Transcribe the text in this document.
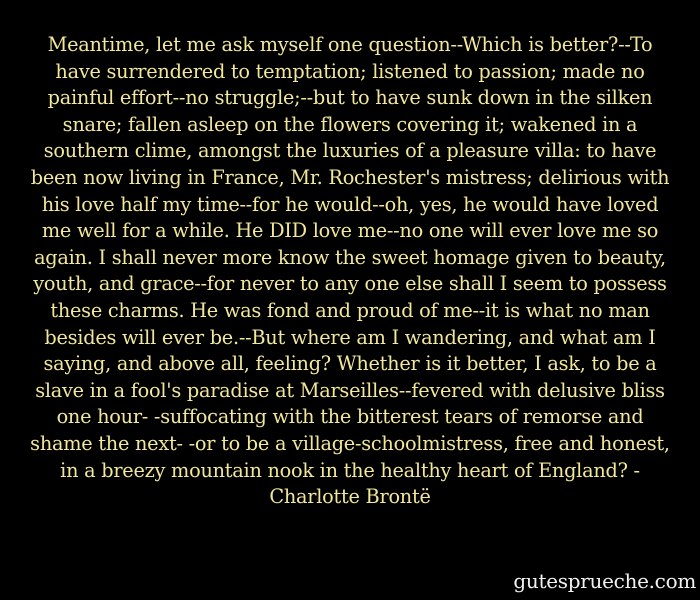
Meantime, let me ask myself one question--Which is better?--To
have surrendered to temptation; listened to passion; made no
painful effort--no struggle;--but to have sunk down in the silken
snare; fallen asleep on the flowers covering it; wakened in a
southern clime, amongst the luxuries of a pleasure villa: to have
been now living in France, Mr. Rochester's mistress; delirious with
his love half my time--for he would--oh, yes, he would have loved
me well for a while. He DID love me--no one will ever love me so
again. I shall never more know the sweet homage given to beauty,
youth, and grace--for never to any one else shall I seem to possess
these charms. He was fond and proud of me--it is what no man
besides will ever be.--But where am I wandering, and what am I
saying, and above all, feeling? Whether is it better, I ask, to be a
slave in a fool's paradise at Marseilles--fevered with delusive bliss
one hour- -suffocating with the bitterest tears of remorse and
shame the next- -or to be a village-schoolmistress, free and honest,
in a breezy mountain nook in the healthy heart of England? -
Charlotte Brontë
gutesprueche.com
